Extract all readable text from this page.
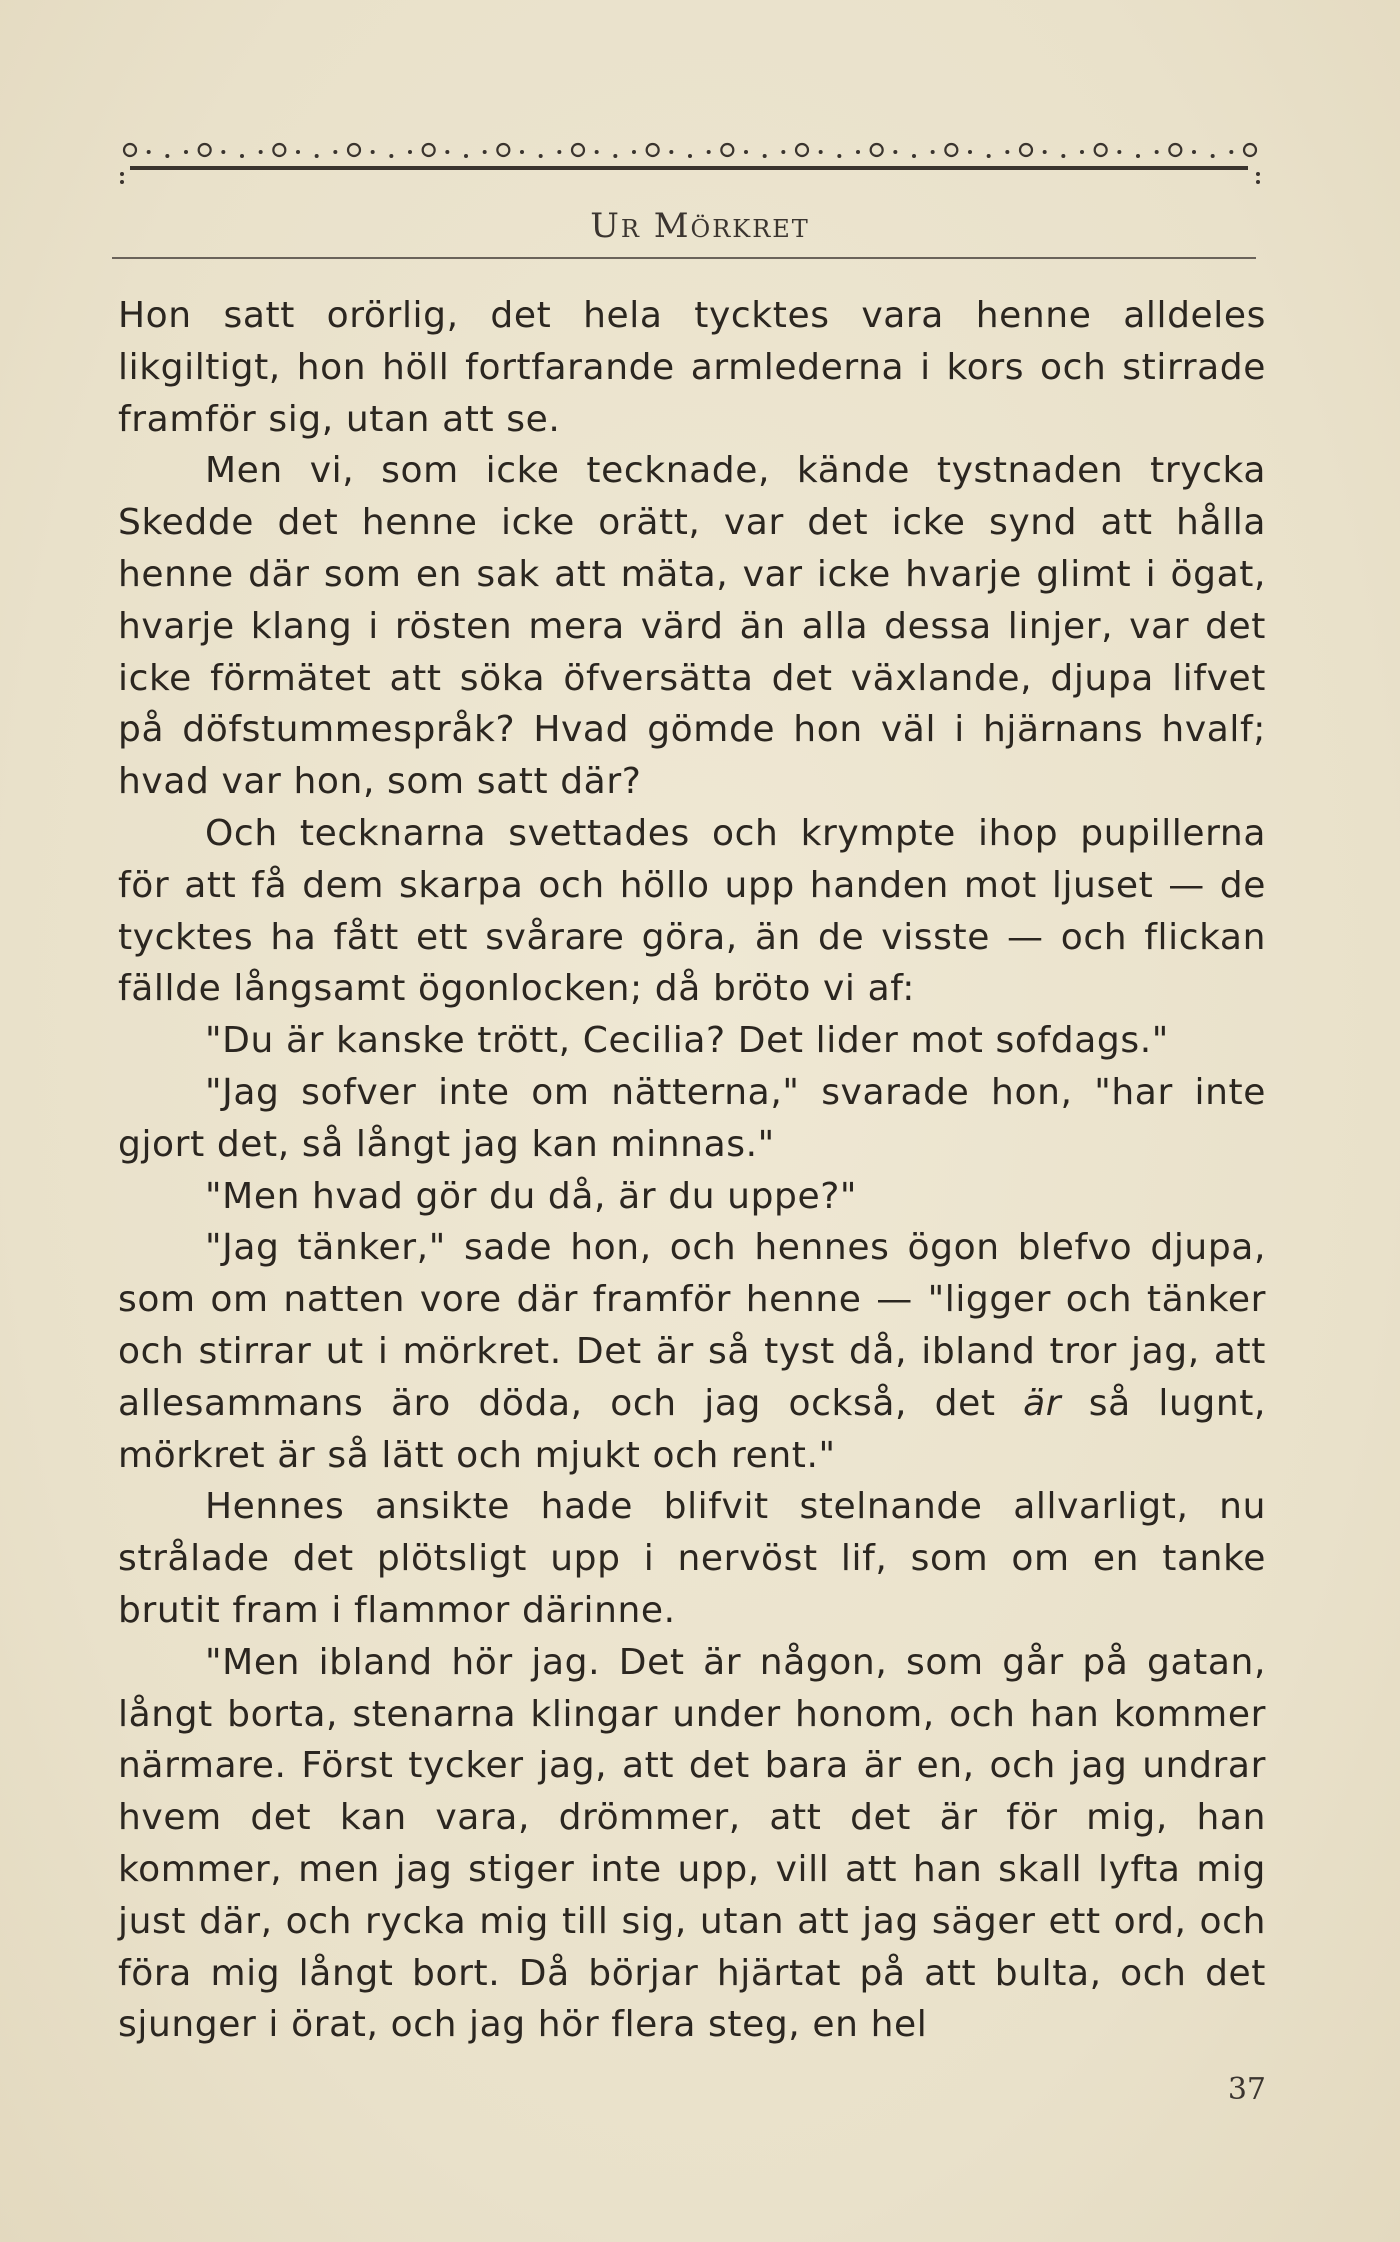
Ur Mörkret

Hon satt orörlig, det hela tycktes vara henne alldeles likgiltigt, hon höll fortfarande armlederna i kors och stirrade framför sig, utan att se.

Men vi, som icke tecknade, kände tystnaden trycka Skedde det henne icke orätt, var det icke synd att hålla henne där som en sak att mäta, var icke hvarje glimt i ögat, hvarje klang i rösten mera värd än alla dessa linjer, var det icke förmätet att söka öfversätta det växlande, djupa lifvet på döfstummespråk? Hvad gömde hon väl i hjärnans hvalf; hvad var hon, som satt där?

Och tecknarna svettades och krympte ihop pupillerna för att få dem skarpa och höllo upp handen mot ljuset — de tycktes ha fått ett svårare göra, än de visste — och flickan fällde långsamt ögonlocken; då bröto vi af:

"Du är kanske trött, Cecilia? Det lider mot sofdags."

"Jag sofver inte om nätterna," svarade hon, "har inte gjort det, så långt jag kan minnas."

"Men hvad gör du då, är du uppe?"

"Jag tänker," sade hon, och hennes ögon blefvo djupa, som om natten vore där framför henne — "ligger och tänker och stirrar ut i mörkret. Det är så tyst då, ibland tror jag, att allesammans äro döda, och jag också, det är så lugnt, mörkret är så lätt och mjukt och rent."

Hennes ansikte hade blifvit stelnande allvarligt, nu strålade det plötsligt upp i nervöst lif, som om en tanke brutit fram i flammor därinne.

"Men ibland hör jag. Det är någon, som går på gatan, långt borta, stenarna klingar under honom, och han kommer närmare. Först tycker jag, att det bara är en, och jag undrar hvem det kan vara, drömmer, att det är för mig, han kommer, men jag stiger inte upp, vill att han skall lyfta mig just där, och rycka mig till sig, utan att jag säger ett ord, och föra mig långt bort. Då börjar hjärtat på att bulta, och det sjunger i örat, och jag hör flera steg, en hel

37
